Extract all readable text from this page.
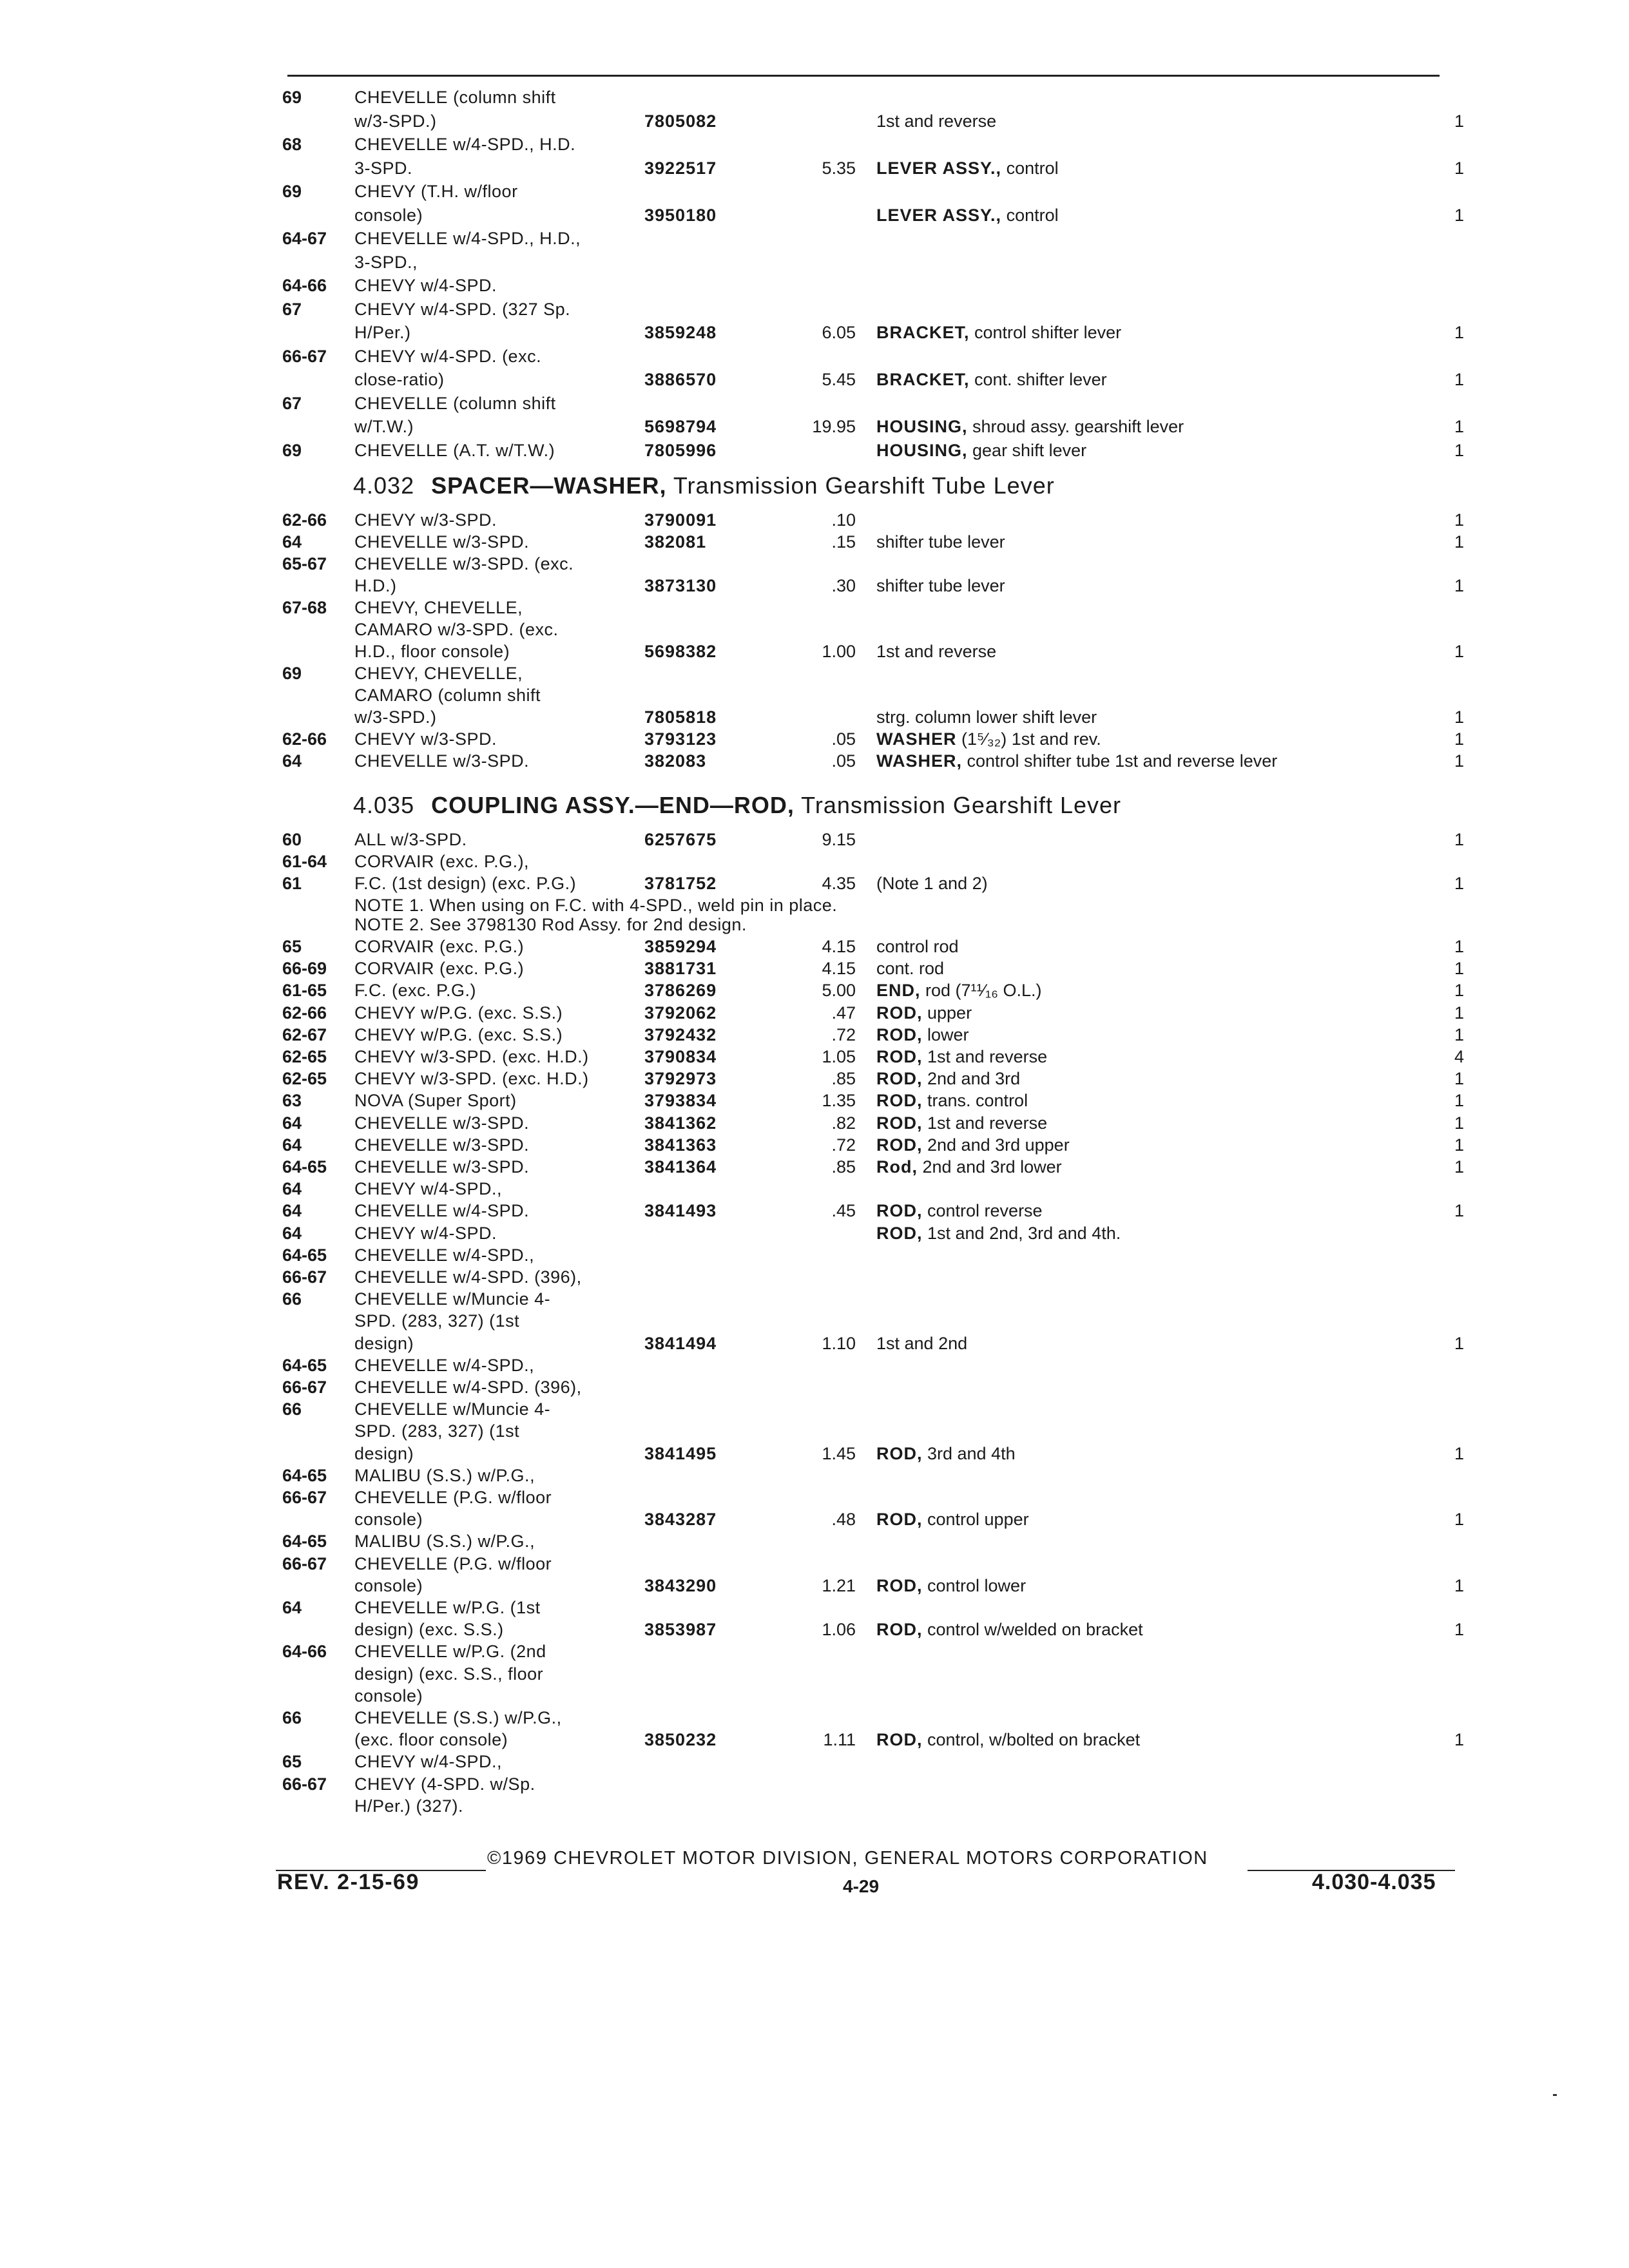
69	CHEVELLE (column shift
w/3-SPD.)	7805082	1st and reverse	1
68	CHEVELLE w/4-SPD., H.D.
3-SPD.	3922517	5.35 LEVER ASSY., control	1
69	CHEVY (T.H. w/floor
console)	3950180	LEVER ASSY., control	1
64-67 CHEVELLE w/4-SPD., H.D.,
3-SPD.,
64-66 CHEVY w/4-SPD.
67	CHEVY w/4-SPD. (327 Sp.
H/Per.)	3859248	6.05 BRACKET, control shifter lever	1
66-67 CHEVY w/4-SPD. (exc.
close-ratio)	3886570	5.45 BRACKET, cont. shifter lever	1
67	CHEVELLE (column shift
w/T.W.)	5698794	19.95 HOUSING, shroud assy. gearshift lever	1
69	CHEVELLE (A.T. w/T.W.)	7805996	HOUSING, gear shift lever	1
4.032 SPACER—WASHER, Transmission Gearshift Tube Lever
62-66 CHEVY w/3-SPD.	3790091	.10	1
64	CHEVELLE w/3-SPD.	382081	.15 shifter tube lever	1
65-67 CHEVELLE w/3-SPD. (exc.
H.D.)	3873130	.30 shifter tube lever	1
67-68 CHEVY, CHEVELLE,
CAMARO w/3-SPD. (exc.
H.D., floor console)	5698382	1.00 1st and reverse	1
69	CHEVY, CHEVELLE,
CAMARO (column shift
w/3-SPD.)	7805818	strg. column lower shift lever	1
62-66 CHEVY w/3-SPD.	3793123	.05 WASHER (1⁵⁄₃₂) 1st and rev.	1
64	CHEVELLE w/3-SPD.	382083	.05 WASHER, control shifter tube 1st and reverse lever	1
4.035 COUPLING ASSY.—END—ROD, Transmission Gearshift Lever
60	ALL w/3-SPD.	6257675	9.15	1
61-64 CORVAIR (exc. P.G.),
61	F.C. (1st design) (exc. P.G.)	3781752	4.35 (Note 1 and 2)	1
NOTE 1. When using on F.C. with 4-SPD., weld pin in place.
NOTE 2. See 3798130 Rod Assy. for 2nd design.
65	CORVAIR (exc. P.G.)	3859294	4.15 control rod	1
66-69 CORVAIR (exc. P.G.)	3881731	4.15 cont. rod	1
61-65 F.C. (exc. P.G.)	3786269	5.00 END, rod (7¹¹⁄₁₆ O.L.)	1
62-66 CHEVY w/P.G. (exc. S.S.)	3792062	.47 ROD, upper	1
62-67 CHEVY w/P.G. (exc. S.S.)	3792432	.72 ROD, lower	1
62-65 CHEVY w/3-SPD. (exc. H.D.)	3790834	1.05 ROD, 1st and reverse	4
62-65 CHEVY w/3-SPD. (exc. H.D.)	3792973	.85 ROD, 2nd and 3rd	1
63	NOVA (Super Sport)	3793834	1.35 ROD, trans. control	1
64	CHEVELLE w/3-SPD.	3841362	.82 ROD, 1st and reverse	1
64	CHEVELLE w/3-SPD.	3841363	.72 ROD, 2nd and 3rd upper	1
64-65 CHEVELLE w/3-SPD.	3841364	.85 Rod, 2nd and 3rd lower	1
64	CHEVY w/4-SPD.,
64	CHEVELLE w/4-SPD.	3841493	.45 ROD, control reverse	1
64	CHEVY w/4-SPD.	ROD, 1st and 2nd, 3rd and 4th.
64-65 CHEVELLE w/4-SPD.,
66-67 CHEVELLE w/4-SPD. (396),
66	CHEVELLE w/Muncie 4-
SPD. (283, 327) (1st
design)	3841494	1.10 1st and 2nd	1
64-65 CHEVELLE w/4-SPD.,
66-67 CHEVELLE w/4-SPD. (396),
66	CHEVELLE w/Muncie 4-
SPD. (283, 327) (1st
design)	3841495	1.45 ROD, 3rd and 4th	1
64-65 MALIBU (S.S.) w/P.G.,
66-67 CHEVELLE (P.G. w/floor
console)	3843287	.48 ROD, control upper	1
64-65 MALIBU (S.S.) w/P.G.,
66-67 CHEVELLE (P.G. w/floor
console)	3843290	1.21 ROD, control lower	1
64	CHEVELLE w/P.G. (1st
design) (exc. S.S.)	3853987	1.06 ROD, control w/welded on bracket	1
64-66 CHEVELLE w/P.G. (2nd
design) (exc. S.S., floor
console)
66	CHEVELLE (S.S.) w/P.G.,
(exc. floor console)	3850232	1.11 ROD, control, w/bolted on bracket	1
65	CHEVY w/4-SPD.,
66-67 CHEVY (4-SPD. w/Sp.
H/Per.) (327).
©1969 CHEVROLET MOTOR DIVISION, GENERAL MOTORS CORPORATION
REV. 2-15-69	4-29	4.030-4.035
